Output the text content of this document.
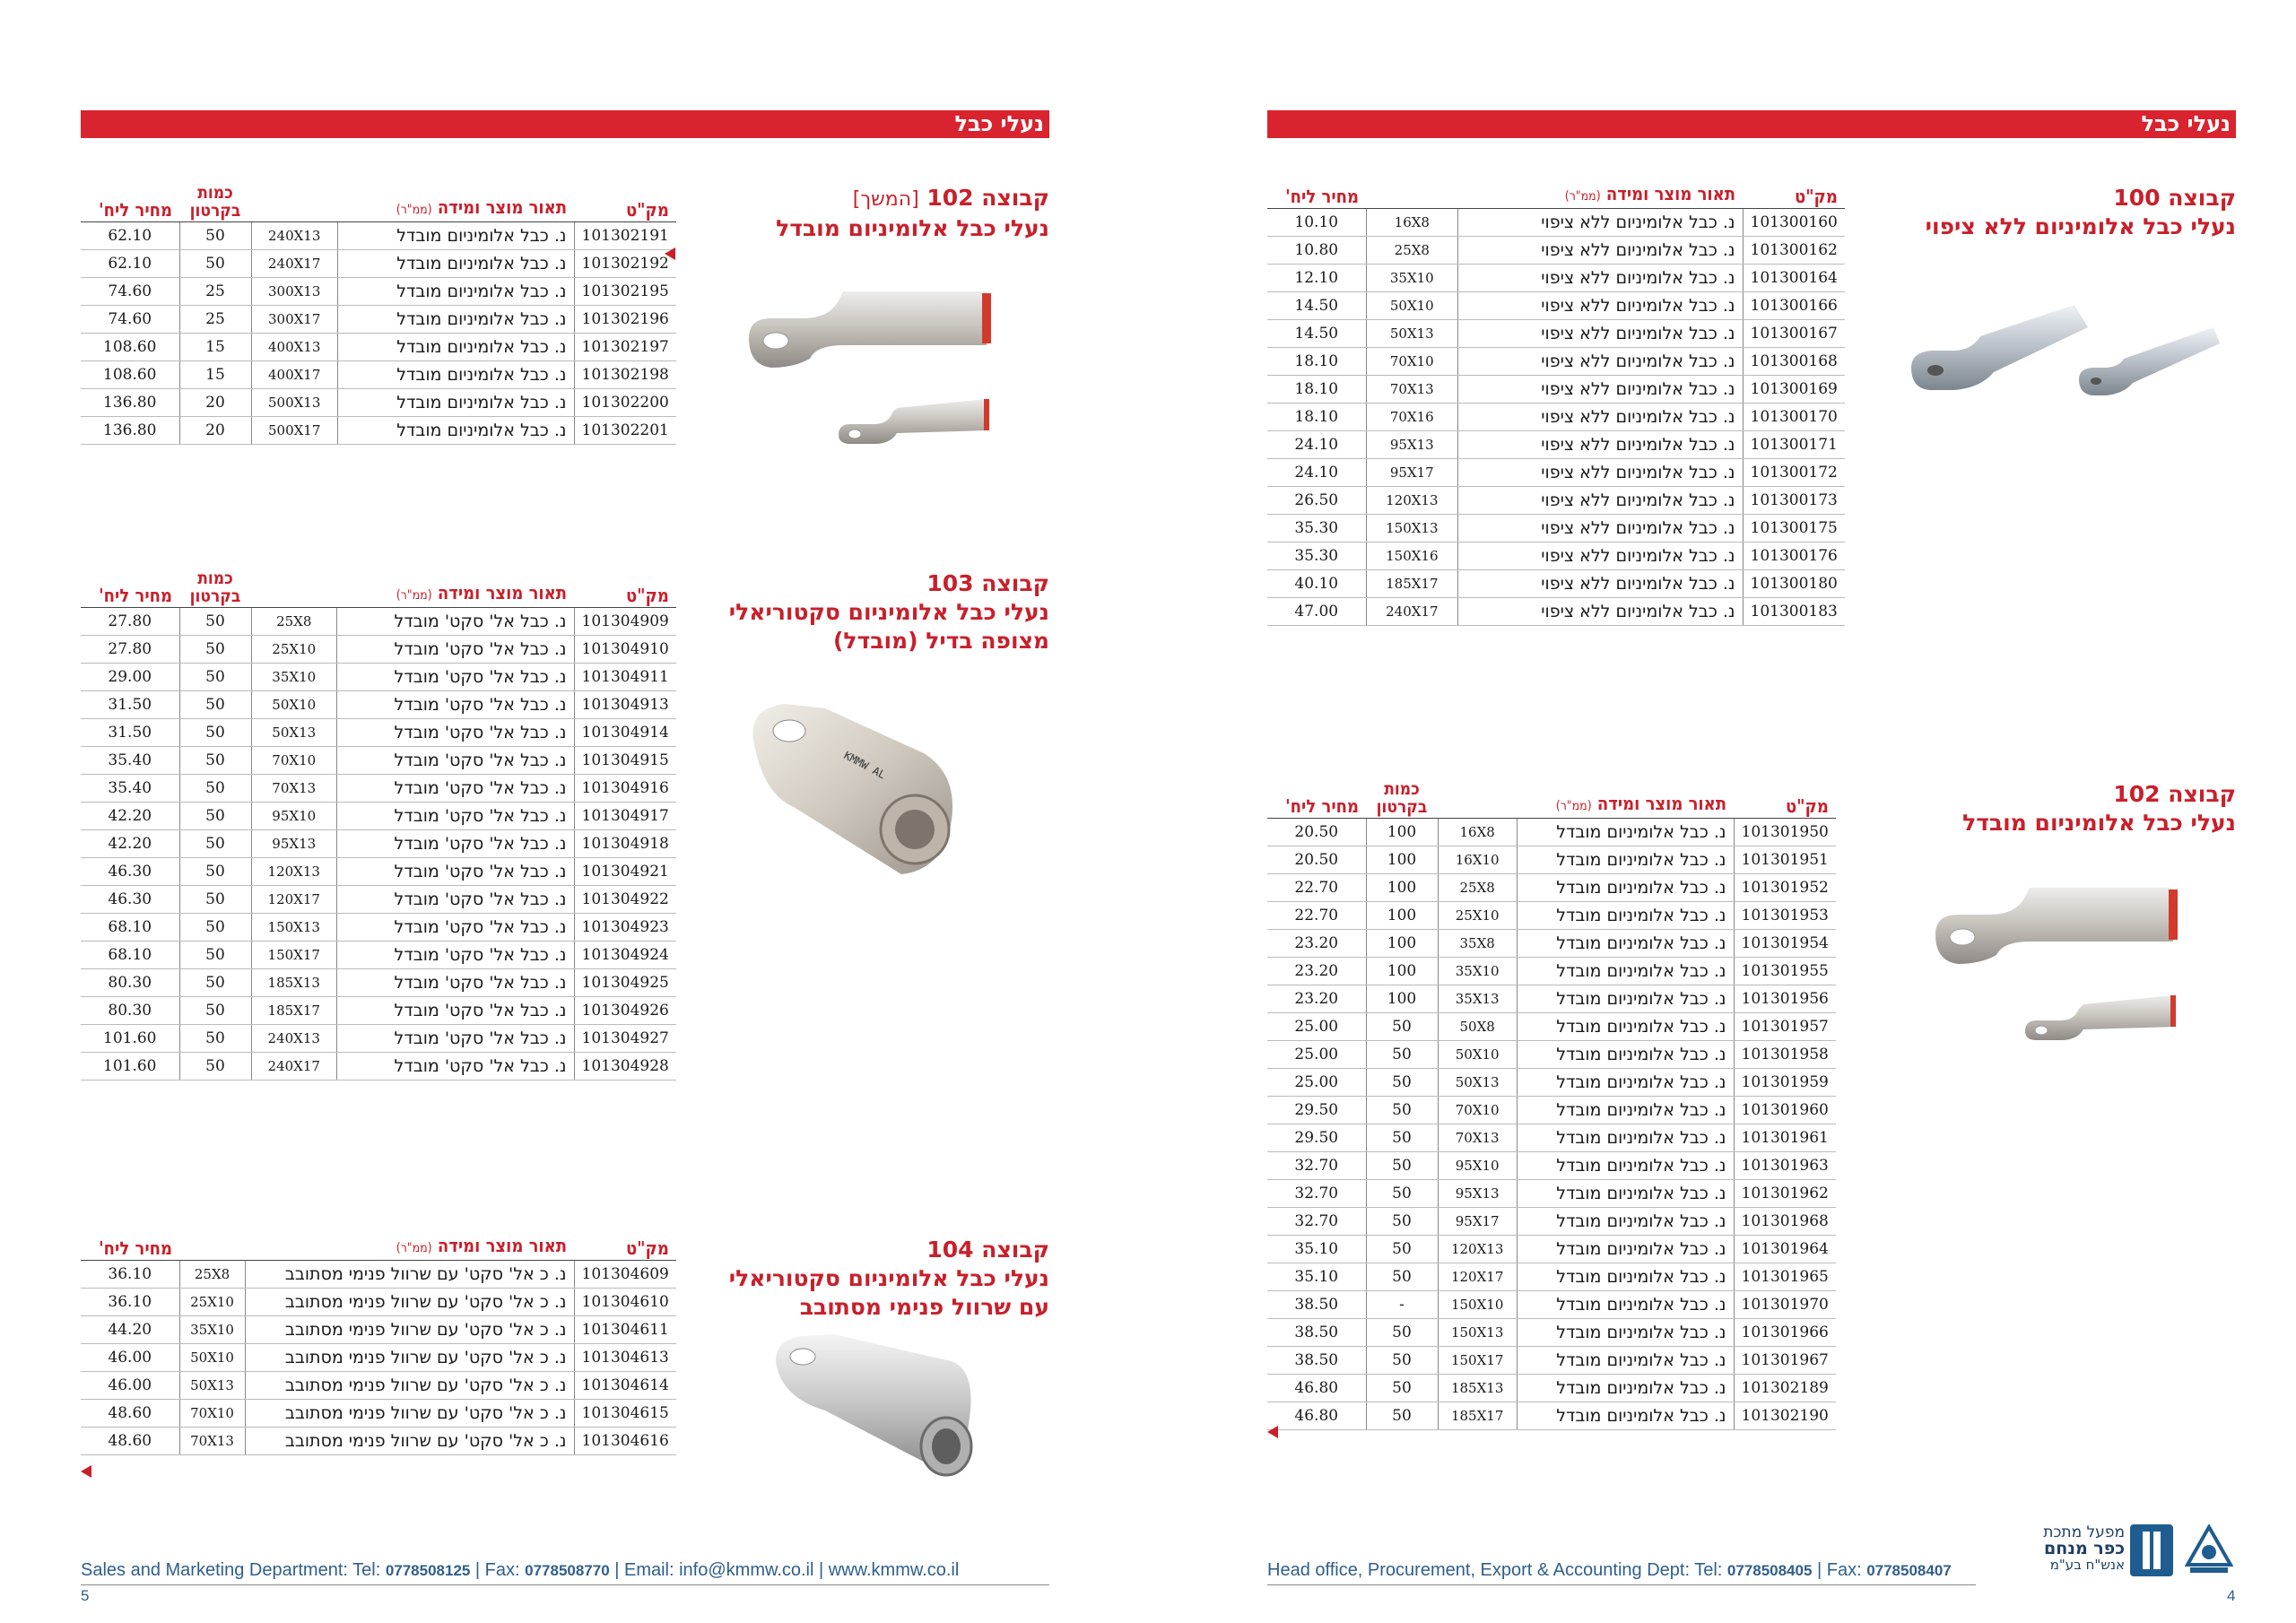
נעלי כבל
קבוצה 102 [המשך]
נעלי כבל אלומיניום מובדל
מק"ט	תאור מוצר ומידה (ממ"ר)		כמות בקרטון	מחיר ליח'
101302191	נ. כבל אלומיניום מובדל	240X13	50	62.10
101302192	נ. כבל אלומיניום מובדל	240X17	50	62.10
101302195	נ. כבל אלומיניום מובדל	300X13	25	74.60
101302196	נ. כבל אלומיניום מובדל	300X17	25	74.60
101302197	נ. כבל אלומיניום מובדל	400X13	15	108.60
101302198	נ. כבל אלומיניום מובדל	400X17	15	108.60
101302200	נ. כבל אלומיניום מובדל	500X13	20	136.80
101302201	נ. כבל אלומיניום מובדל	500X17	20	136.80
קבוצה 103
נעלי כבל אלומיניום סקטוריאלי
מצופה בדיל (מובדל)
KMMW AL
מק"ט	תאור מוצר ומידה (ממ"ר)		כמות בקרטון	מחיר ליח'
101304909	נ. כבל אל' סקט' מובדל	25X8	50	27.80
101304910	נ. כבל אל' סקט' מובדל	25X10	50	27.80
101304911	נ. כבל אל' סקט' מובדל	35X10	50	29.00
101304913	נ. כבל אל' סקט' מובדל	50X10	50	31.50
101304914	נ. כבל אל' סקט' מובדל	50X13	50	31.50
101304915	נ. כבל אל' סקט' מובדל	70X10	50	35.40
101304916	נ. כבל אל' סקט' מובדל	70X13	50	35.40
101304917	נ. כבל אל' סקט' מובדל	95X10	50	42.20
101304918	נ. כבל אל' סקט' מובדל	95X13	50	42.20
101304921	נ. כבל אל' סקט' מובדל	120X13	50	46.30
101304922	נ. כבל אל' סקט' מובדל	120X17	50	46.30
101304923	נ. כבל אל' סקט' מובדל	150X13	50	68.10
101304924	נ. כבל אל' סקט' מובדל	150X17	50	68.10
101304925	נ. כבל אל' סקט' מובדל	185X13	50	80.30
101304926	נ. כבל אל' סקט' מובדל	185X17	50	80.30
101304927	נ. כבל אל' סקט' מובדל	240X13	50	101.60
101304928	נ. כבל אל' סקט' מובדל	240X17	50	101.60
קבוצה 104
נעלי כבל אלומיניום סקטוריאלי
עם שרוול פנימי מסתובב
מק"ט	תאור מוצר ומידה (ממ"ר)		מחיר ליח'
101304609	נ. כ אל' סקט' עם שרוול פנימי מסתובב	25X8	36.10
101304610	נ. כ אל' סקט' עם שרוול פנימי מסתובב	25X10	36.10
101304611	נ. כ אל' סקט' עם שרוול פנימי מסתובב	35X10	44.20
101304613	נ. כ אל' סקט' עם שרוול פנימי מסתובב	50X10	46.00
101304614	נ. כ אל' סקט' עם שרוול פנימי מסתובב	50X13	46.00
101304615	נ. כ אל' סקט' עם שרוול פנימי מסתובב	70X10	48.60
101304616	נ. כ אל' סקט' עם שרוול פנימי מסתובב	70X13	48.60
Sales and Marketing Department: Tel: 0778508125 | Fax: 0778508770 | Email: info@kmmw.co.il | www.kmmw.co.il
5
נעלי כבל
קבוצה 100
נעלי כבל אלומיניום ללא ציפוי
מק"ט	תאור מוצר ומידה (ממ"ר)		מחיר ליח'
101300160	נ. כבל אלומיניום ללא ציפוי	16X8	10.10
101300162	נ. כבל אלומיניום ללא ציפוי	25X8	10.80
101300164	נ. כבל אלומיניום ללא ציפוי	35X10	12.10
101300166	נ. כבל אלומיניום ללא ציפוי	50X10	14.50
101300167	נ. כבל אלומיניום ללא ציפוי	50X13	14.50
101300168	נ. כבל אלומיניום ללא ציפוי	70X10	18.10
101300169	נ. כבל אלומיניום ללא ציפוי	70X13	18.10
101300170	נ. כבל אלומיניום ללא ציפוי	70X16	18.10
101300171	נ. כבל אלומיניום ללא ציפוי	95X13	24.10
101300172	נ. כבל אלומיניום ללא ציפוי	95X17	24.10
101300173	נ. כבל אלומיניום ללא ציפוי	120X13	26.50
101300175	נ. כבל אלומיניום ללא ציפוי	150X13	35.30
101300176	נ. כבל אלומיניום ללא ציפוי	150X16	35.30
101300180	נ. כבל אלומיניום ללא ציפוי	185X17	40.10
101300183	נ. כבל אלומיניום ללא ציפוי	240X17	47.00
קבוצה 102
נעלי כבל אלומיניום מובדל
מק"ט	תאור מוצר ומידה (ממ"ר)		כמות בקרטון	מחיר ליח'
101301950	נ. כבל אלומיניום מובדל	16X8	100	20.50
101301951	נ. כבל אלומיניום מובדל	16X10	100	20.50
101301952	נ. כבל אלומיניום מובדל	25X8	100	22.70
101301953	נ. כבל אלומיניום מובדל	25X10	100	22.70
101301954	נ. כבל אלומיניום מובדל	35X8	100	23.20
101301955	נ. כבל אלומיניום מובדל	35X10	100	23.20
101301956	נ. כבל אלומיניום מובדל	35X13	100	23.20
101301957	נ. כבל אלומיניום מובדל	50X8	50	25.00
101301958	נ. כבל אלומיניום מובדל	50X10	50	25.00
101301959	נ. כבל אלומיניום מובדל	50X13	50	25.00
101301960	נ. כבל אלומיניום מובדל	70X10	50	29.50
101301961	נ. כבל אלומיניום מובדל	70X13	50	29.50
101301963	נ. כבל אלומיניום מובדל	95X10	50	32.70
101301962	נ. כבל אלומיניום מובדל	95X13	50	32.70
101301968	נ. כבל אלומיניום מובדל	95X17	50	32.70
101301964	נ. כבל אלומיניום מובדל	120X13	50	35.10
101301965	נ. כבל אלומיניום מובדל	120X17	50	35.10
101301970	נ. כבל אלומיניום מובדל	150X10	-	38.50
101301966	נ. כבל אלומיניום מובדל	150X13	50	38.50
101301967	נ. כבל אלומיניום מובדל	150X17	50	38.50
101302189	נ. כבל אלומיניום מובדל	185X13	50	46.80
101302190	נ. כבל אלומיניום מובדל	185X17	50	46.80
Head office, Procurement, Export & Accounting Dept: Tel: 0778508405 | Fax: 0778508407
4
מפעל מתכת
כפר מנחם
אנש"ח בע"מ
